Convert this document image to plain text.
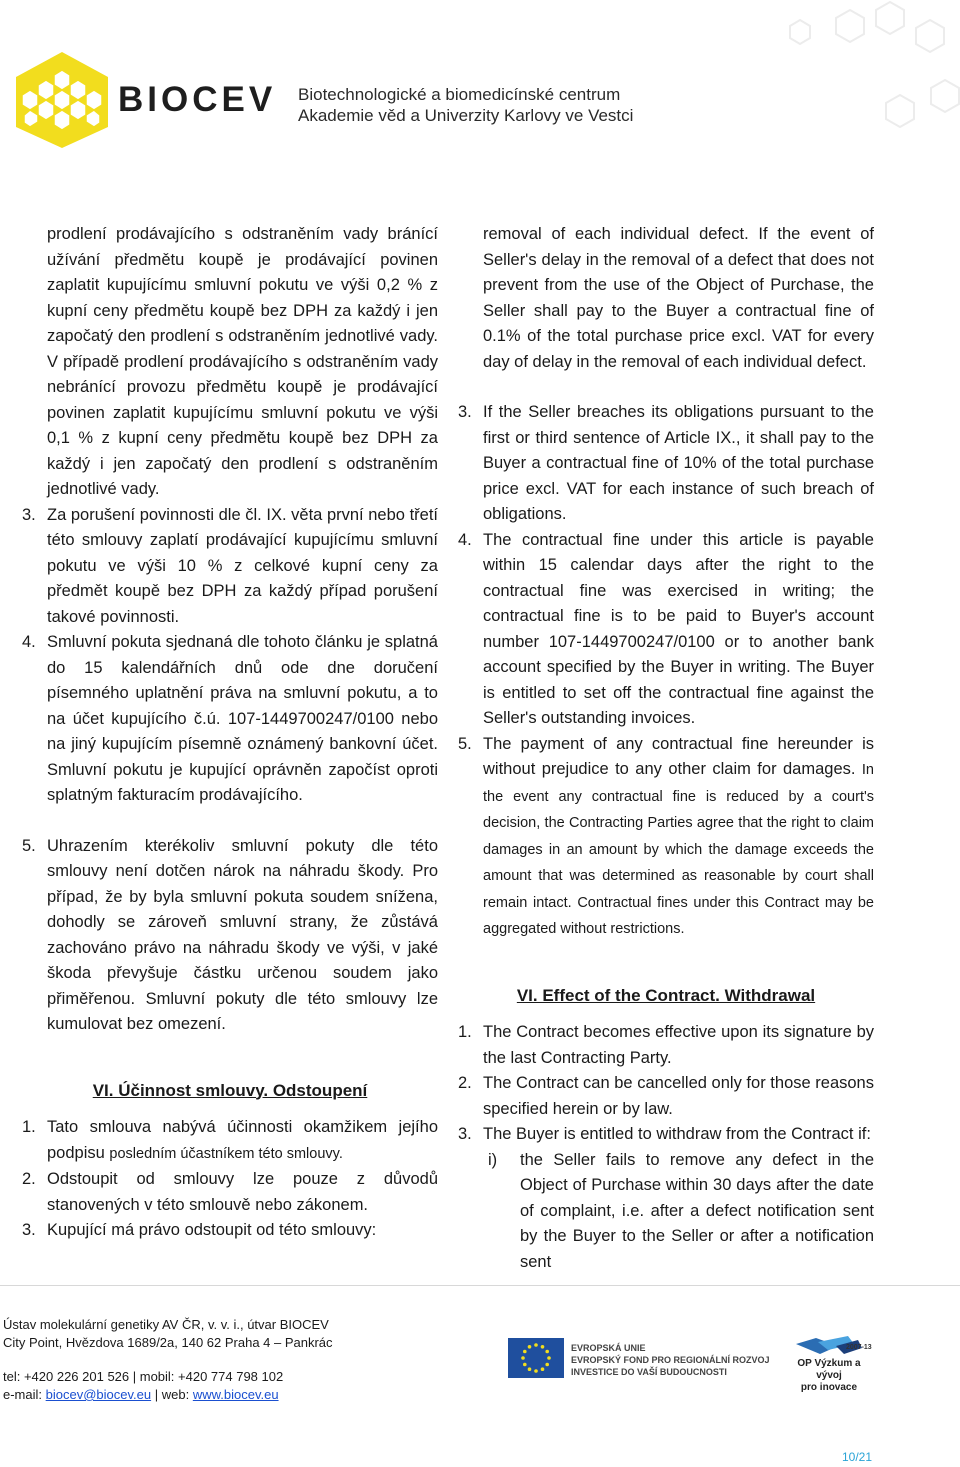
BIOCEV Biotechnologické a biomedicínské centrum
Akademie věd a Univerzity Karlovy ve Vestci

prodlení prodávajícího s odstraněním vady bránící užívání předmětu koupě je prodávající povinen zaplatit kupujícímu smluvní pokutu ve výši 0,2 % z kupní ceny předmětu koupě bez DPH za každý i jen započatý den prodlení s odstraněním jednotlivé vady. V případě prodlení prodávajícího s odstraněním vady nebránící provozu předmětu koupě je prodávající povinen zaplatit kupujícímu smluvní pokutu ve výši 0,1 % z kupní ceny předmětu koupě bez DPH za každý i jen započatý den prodlení s odstraněním jednotlivé vady.

3. Za porušení povinnosti dle čl. IX. věta první nebo třetí této smlouvy zaplatí prodávající kupujícímu smluvní pokutu ve výši 10 % z celkové kupní ceny za předmět koupě bez DPH za každý případ porušení takové povinnosti.
4. Smluvní pokuta sjednaná dle tohoto článku je splatná do 15 kalendářních dnů ode dne doručení písemného uplatnění práva na smluvní pokutu, a to na účet kupujícího č.ú. 107-1449700247/0100 nebo na jiný kupujícím písemně oznámený bankovní účet. Smluvní pokutu je kupující oprávněn započíst oproti splatným fakturacím prodávajícího.
5. Uhrazením kterékoliv smluvní pokuty dle této smlouvy není dotčen nárok na náhradu škody. Pro případ, že by byla smluvní pokuta soudem snížena, dohodly se zároveň smluvní strany, že zůstává zachováno právo na náhradu škody ve výši, v jaké škoda převyšuje částku určenou soudem jako přiměřenou. Smluvní pokuty dle této smlouvy lze kumulovat bez omezení.
VI. Účinnost smlouvy. Odstoupení
1. Tato smlouva nabývá účinnosti okamžikem jejího podpisu posledním účastníkem této smlouvy.
2. Odstoupit od smlouvy lze pouze z důvodů stanovených v této smlouvě nebo zákonem.
3. Kupující má právo odstoupit od této smlouvy:

removal of each individual defect. If the event of Seller's delay in the removal of a defect that does not prevent from the use of the Object of Purchase, the Seller shall pay to the Buyer a contractual fine of 0.1% of the total purchase price excl. VAT for every day of delay in the removal of each individual defect.

3. If the Seller breaches its obligations pursuant to the first or third sentence of Article IX., it shall pay to the Buyer a contractual fine of 10% of the total purchase price excl. VAT for each instance of such breach of obligations.
4. The contractual fine under this article is payable within 15 calendar days after the right to the contractual fine was exercised in writing; the contractual fine is to be paid to Buyer's account number 107-1449700247/0100 or to another bank account specified by the Buyer in writing. The Buyer is entitled to set off the contractual fine against the Seller's outstanding invoices.
5. The payment of any contractual fine hereunder is without prejudice to any other claim for damages. In the event any contractual fine is reduced by a court's decision, the Contracting Parties agree that the right to claim damages in an amount by which the damage exceeds the amount that was determined as reasonable by court shall remain intact. Contractual fines under this Contract may be aggregated without restrictions.
VI. Effect of the Contract. Withdrawal
1. The Contract becomes effective upon its signature by the last Contracting Party.
2. The Contract can be cancelled only for those reasons specified herein or by law.
3. The Buyer is entitled to withdraw from the Contract if:
i) the Seller fails to remove any defect in the Object of Purchase within 30 days after the date of complaint, i.e. after a defect notification sent by the Buyer to the Seller or after a notification sent
Ústav molekulární genetiky AV ČR, v. v. i., útvar BIOCEV
City Point, Hvězdova 1689/2a, 140 62 Praha 4 – Pankrác
tel: +420 226 201 526 | mobil: +420 774 798 102
e-mail: biocev@biocev.eu | web: www.biocev.eu
EVROPSKÁ UNIE
EVROPSKÝ FOND PRO REGIONÁLNÍ ROZVOJ
INVESTICE DO VAŠÍ BUDOUCNOSTI
2007-13
OP Výzkum a vývoj
pro inovace
10/21
